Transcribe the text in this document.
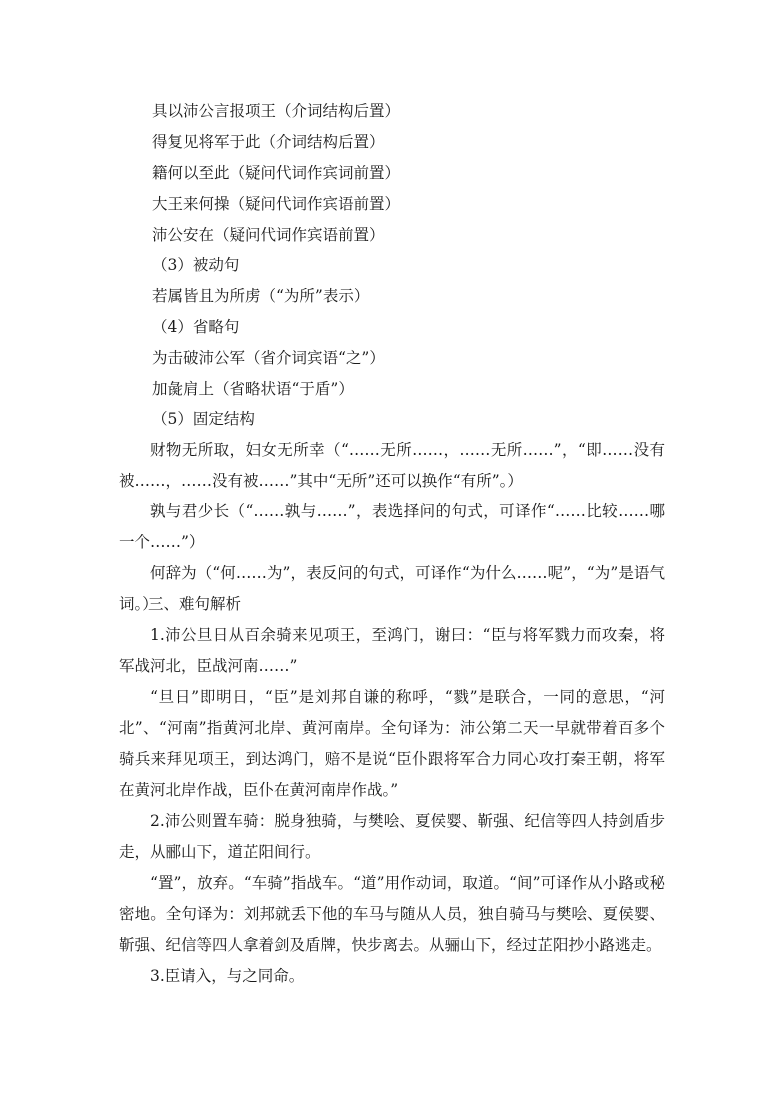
具以沛公言报项王（介词结构后置）
得复见将军于此（介词结构后置）
籍何以至此（疑问代词作宾词前置）
大王来何操（疑问代词作宾语前置）
沛公安在（疑问代词作宾语前置）
（3）被动句
若属皆且为所虏（“为所”表示）
（4）省略句
为击破沛公军（省介词宾语“之”）
加彘肩上（省略状语“于盾”）
（5）固定结构

财物无所取，妇女无所幸（“……无所……，……无所……”，“即……没有被……，……没有被……”其中“无所”还可以换作“有所”。）

孰与君少长（“……孰与……”，表选择问的句式，可译作“……比较……哪一个……”）

何辞为（“何……为”，表反问的句式，可译作“为什么……呢”，“为”是语气词。）

三、难句解析

1.沛公旦日从百余骑来见项王，至鸿门，谢曰：“臣与将军戮力而攻秦，将军战河北，臣战河南……”

“旦日”即明日，“臣”是刘邦自谦的称呼，“戮”是联合，一同的意思，“河北”、“河南”指黄河北岸、黄河南岸。全句译为：沛公第二天一早就带着百多个骑兵来拜见项王，到达鸿门，赔不是说“臣仆跟将军合力同心攻打秦王朝，将军在黄河北岸作战，臣仆在黄河南岸作战。”

2.沛公则置车骑：脱身独骑，与樊哙、夏侯婴、靳强、纪信等四人持剑盾步走，从郦山下，道芷阳间行。

“置”，放弃。“车骑”指战车。“道”用作动词，取道。“间”可译作从小路或秘密地。全句译为：刘邦就丢下他的车马与随从人员，独自骑马与樊哙、夏侯婴、靳强、纪信等四人拿着剑及盾牌，快步离去。从骊山下，经过芷阳抄小路逃走。

3.臣请入，与之同命。
